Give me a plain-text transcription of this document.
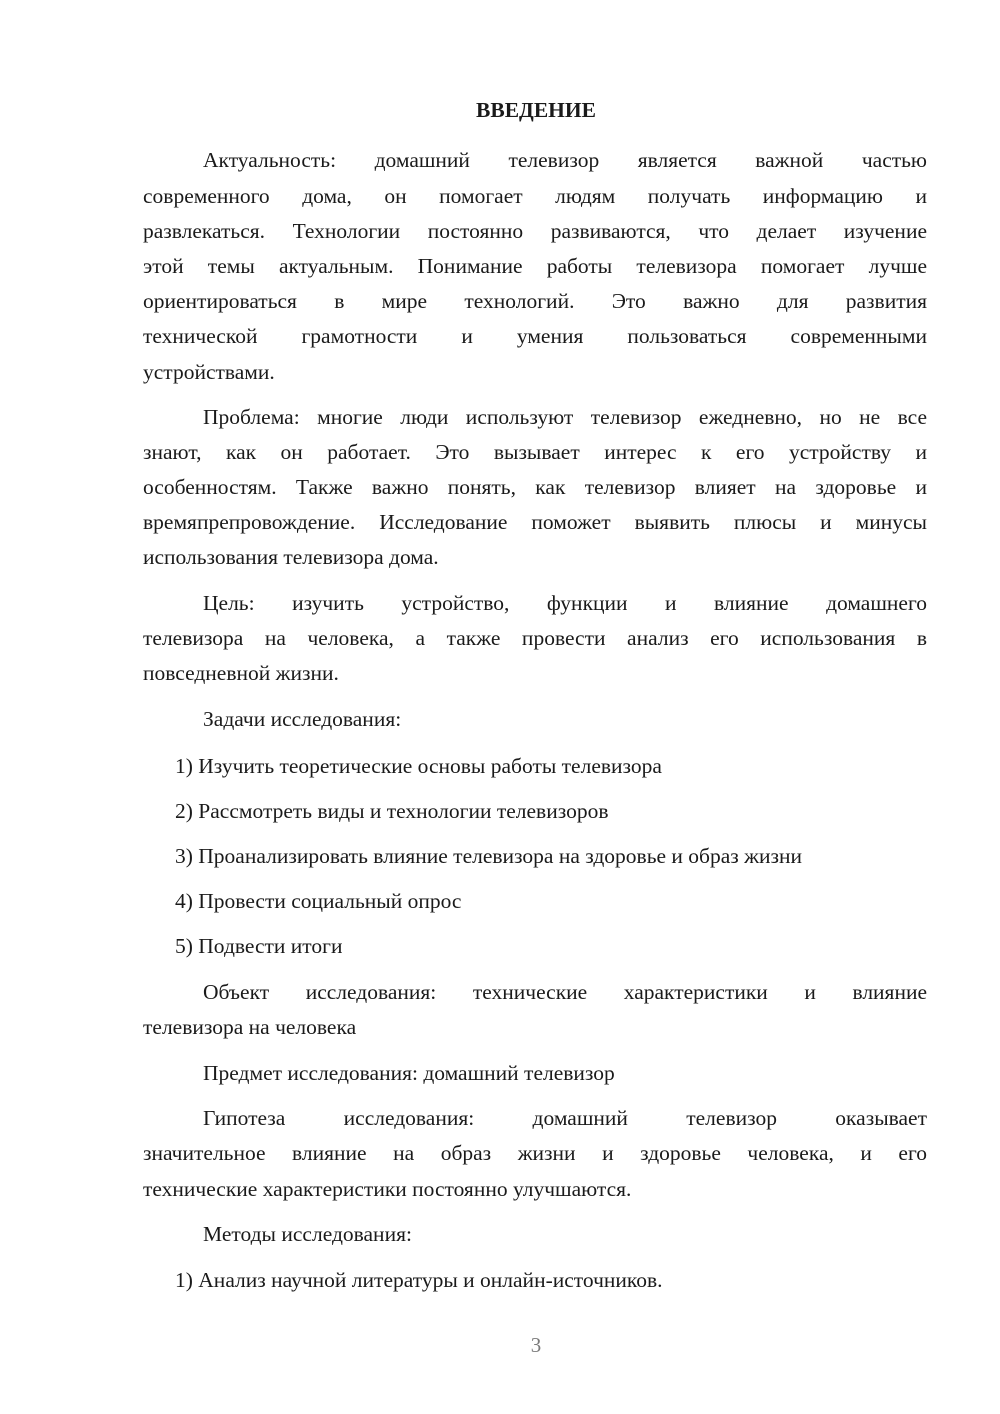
ВВЕДЕНИЕ
Актуальность: домашний телевизор является важной частью
современного дома, он помогает людям получать информацию и
развлекаться. Технологии постоянно развиваются, что делает изучение
этой темы актуальным. Понимание работы телевизора помогает лучше
ориентироваться в мире технологий. Это важно для развития
технической грамотности и умения пользоваться современными
устройствами.
Проблема: многие люди используют телевизор ежедневно, но не все
знают, как он работает. Это вызывает интерес к его устройству и
особенностям. Также важно понять, как телевизор влияет на здоровье и
времяпрепровождение. Исследование поможет выявить плюсы и минусы
использования телевизора дома.
Цель: изучить устройство, функции и влияние домашнего
телевизора на человека, а также провести анализ его использования в
повседневной жизни.
Задачи исследования:
1) Изучить теоретические основы работы телевизора
2) Рассмотреть виды и технологии телевизоров
3) Проанализировать влияние телевизора на здоровье и образ жизни
4) Провести социальный опрос
5) Подвести итоги
Объект исследования: технические характеристики и влияние
телевизора на человека
Предмет исследования: домашний телевизор
Гипотеза исследования: домашний телевизор оказывает
значительное влияние на образ жизни и здоровье человека, и его
технические характеристики постоянно улучшаются.
Методы исследования:
1) Анализ научной литературы и онлайн-источников.
3
